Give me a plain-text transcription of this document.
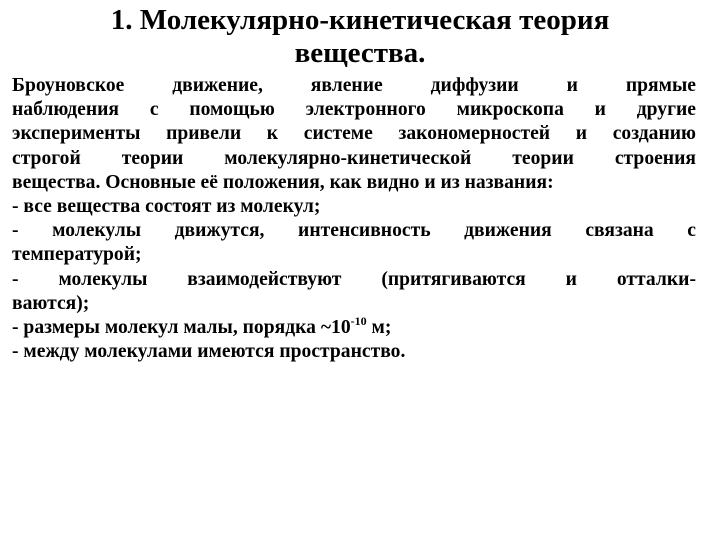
1. Молекулярно-кинетическая теория
вещества.
Броуновское движение, явление диффузии и прямые
наблюдения с помощью электронного микроскопа и другие
эксперименты привели к системе закономерностей и созданию
строгой теории молекулярно-кинетической теории строения
вещества. Основные её положения, как видно и из названия:
- все вещества состоят из молекул;
- молекулы движутся, интенсивность движения связана с
температурой;
- молекулы взаимодействуют (притягиваются и отталки-
ваются);
- размеры молекул малы, порядка $\sim 10^{-10}$ м;
- между молекулами имеются пространство.
